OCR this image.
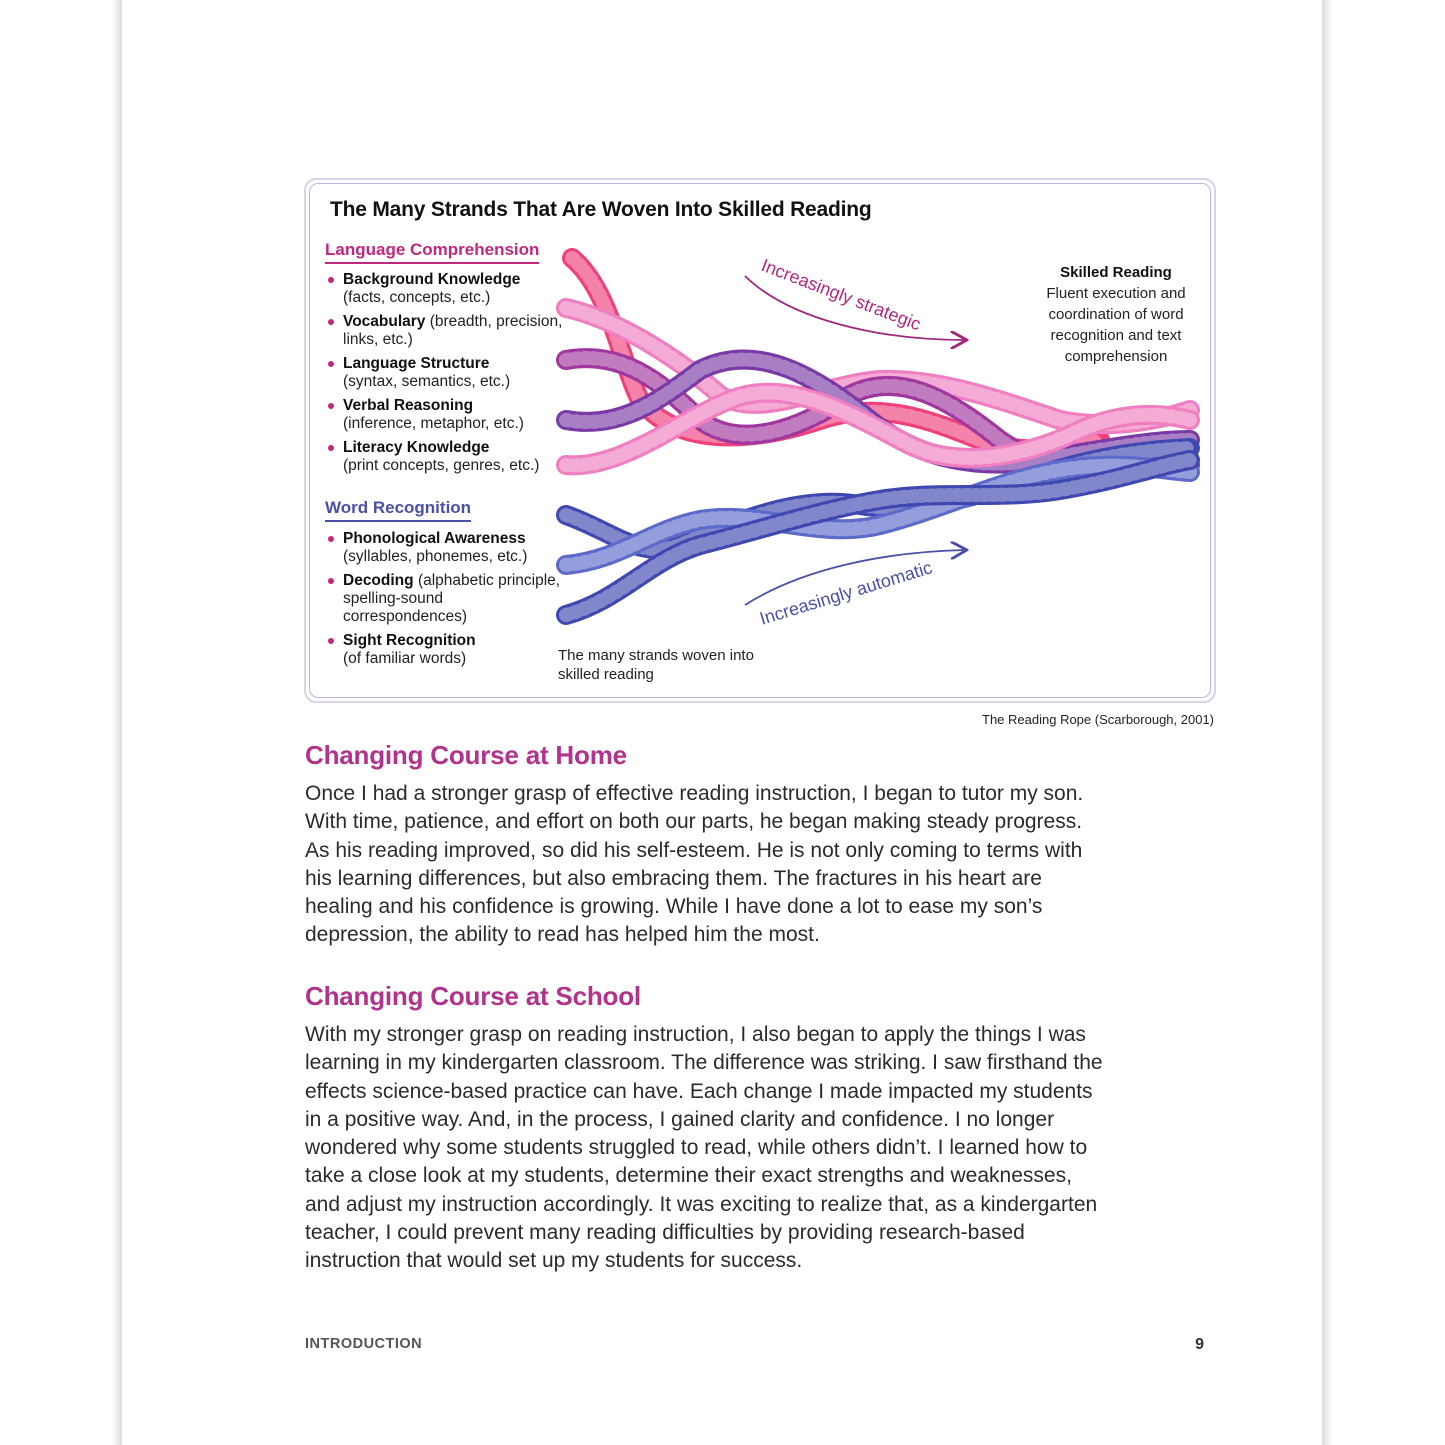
The Many Strands That Are Woven Into Skilled Reading
Language Comprehension
Background Knowledge
(facts, concepts, etc.)
Vocabulary (breadth, precision, links, etc.)
Language Structure
(syntax, semantics, etc.)
Verbal Reasoning
(inference, metaphor, etc.)
Literacy Knowledge
(print concepts, genres, etc.)
Word Recognition
Phonological Awareness
(syllables, phonemes, etc.)
Decoding (alphabetic principle, spelling-sound correspondences)
Sight Recognition
(of familiar words)
Increasingly strategic
Increasingly automatic
Skilled Reading
Fluent execution and coordination of word recognition and text comprehension
The many strands woven into skilled reading
The Reading Rope (Scarborough, 2001)
Changing Course at Home

Once I had a stronger grasp of effective reading instruction, I began to tutor my son. With time, patience, and effort on both our parts, he began making steady progress. As his reading improved, so did his self-esteem. He is not only coming to terms with his learning differences, but also embracing them. The fractures in his heart are healing and his confidence is growing. While I have done a lot to ease my son’s depression, the ability to read has helped him the most.

Changing Course at School

With my stronger grasp on reading instruction, I also began to apply the things I was learning in my kindergarten classroom. The difference was striking. I saw firsthand the effects science-based practice can have. Each change I made impacted my students in a positive way. And, in the process, I gained clarity and confidence. I no longer wondered why some students struggled to read, while others didn’t. I learned how to take a close look at my students, determine their exact strengths and weaknesses, and adjust my instruction accordingly. It was exciting to realize that, as a kindergarten teacher, I could prevent many reading difficulties by providing research-based instruction that would set up my students for success.

INTRODUCTION	9
